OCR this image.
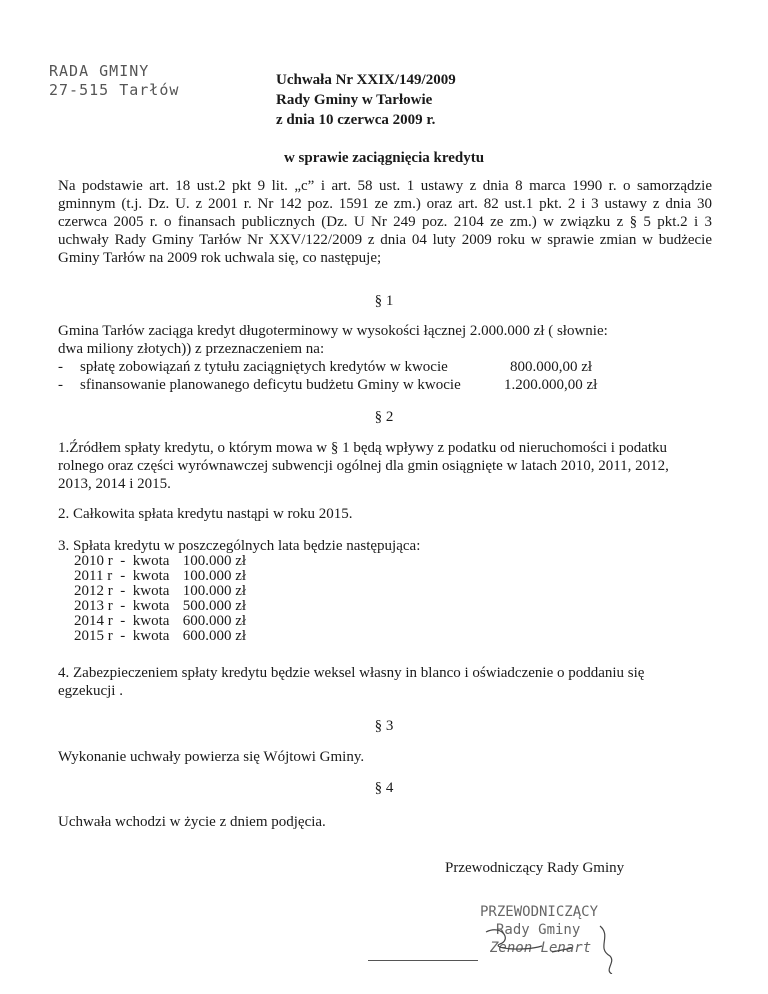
RADA GMINY
27-515 Tarłów
Uchwała Nr XXIX/149/2009
Rady Gminy w Tarłowie
z dnia 10 czerwca 2009 r.
w sprawie zaciągnięcia kredytu
Na podstawie art. 18 ust.2 pkt 9 lit. „c” i art. 58 ust. 1 ustawy z dnia 8 marca 1990 r. o samorządzie gminnym (t.j. Dz. U. z 2001 r. Nr 142 poz. 1591 ze zm.) oraz art. 82 ust.1 pkt. 2 i 3 ustawy z dnia 30 czerwca 2005 r. o finansach publicznych (Dz. U Nr 249 poz. 2104 ze zm.) w związku z § 5 pkt.2 i 3 uchwały Rady Gminy Tarłów Nr XXV/122/2009 z dnia 04 luty 2009 roku w sprawie zmian w budżecie Gminy Tarłów na 2009 rok uchwala się, co następuje;
§ 1
Gmina Tarłów zaciąga kredyt długoterminowy w wysokości łącznej 2.000.000 zł ( słownie:
dwa miliony złotych)) z przeznaczeniem na:
- spłatę zobowiązań z tytułu zaciągniętych kredytów w kwocie	800.000,00 zł
- sfinansowanie planowanego deficytu budżetu Gminy w kwocie	1.200.000,00 zł
§ 2
1.Źródłem spłaty kredytu, o którym mowa w § 1 będą wpływy z podatku od nieruchomości i podatku rolnego oraz części wyrównawczej subwencji ogólnej dla gmin osiągnięte w latach 2010, 2011, 2012, 2013, 2014 i 2015.
2. Całkowita spłata kredytu nastąpi w roku 2015.
3. Spłata kredytu w poszczególnych lata będzie następująca:
2010 r	-	kwota	100.000 zł
2011 r	-	kwota	100.000 zł
2012 r	-	kwota	100.000 zł
2013 r	-	kwota	500.000 zł
2014 r	-	kwota	600.000 zł
2015 r	-	kwota	600.000 zł
4. Zabezpieczeniem spłaty kredytu będzie weksel własny in blanco i oświadczenie o poddaniu się egzekucji .
§ 3
Wykonanie uchwały powierza się Wójtowi Gminy.
§ 4
Uchwała wchodzi w życie z dniem podjęcia.
Przewodniczący Rady Gminy
PRZEWODNICZĄCY
Rady Gminy
Zenon Lenart
